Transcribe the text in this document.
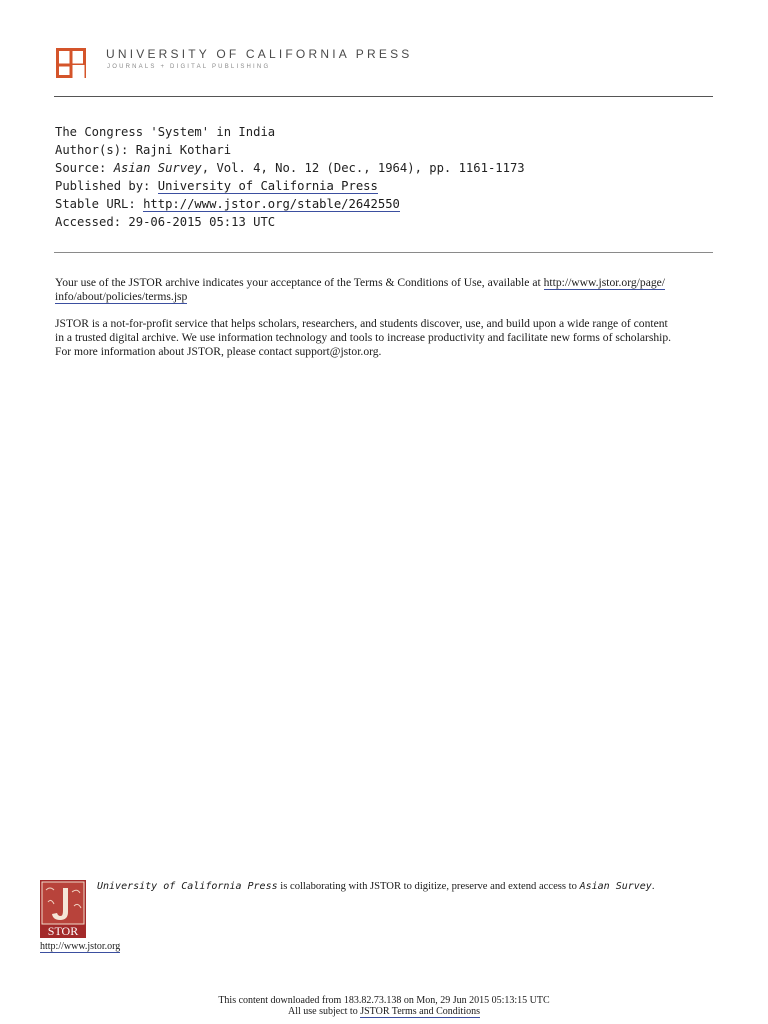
UNIVERSITY OF CALIFORNIA PRESS
JOURNALS + DIGITAL PUBLISHING
The Congress 'System' in India
Author(s): Rajni Kothari
Source: Asian Survey, Vol. 4, No. 12 (Dec., 1964), pp. 1161-1173
Published by: University of California Press
Stable URL: http://www.jstor.org/stable/2642550
Accessed: 29-06-2015 05:13 UTC

Your use of the JSTOR archive indicates your acceptance of the Terms & Conditions of Use, available at http://www.jstor.org/page/
info/about/policies/terms.jsp

JSTOR is a not-for-profit service that helps scholars, researchers, and students discover, use, and build upon a wide range of content
in a trusted digital archive. We use information technology and tools to increase productivity and facilitate new forms of scholarship.
For more information about JSTOR, please contact support@jstor.org.

STOR
http://www.jstor.org
University of California Press is collaborating with JSTOR to digitize, preserve and extend access to Asian Survey.
This content downloaded from 183.82.73.138 on Mon, 29 Jun 2015 05:13:15 UTC
All use subject to JSTOR Terms and Conditions
